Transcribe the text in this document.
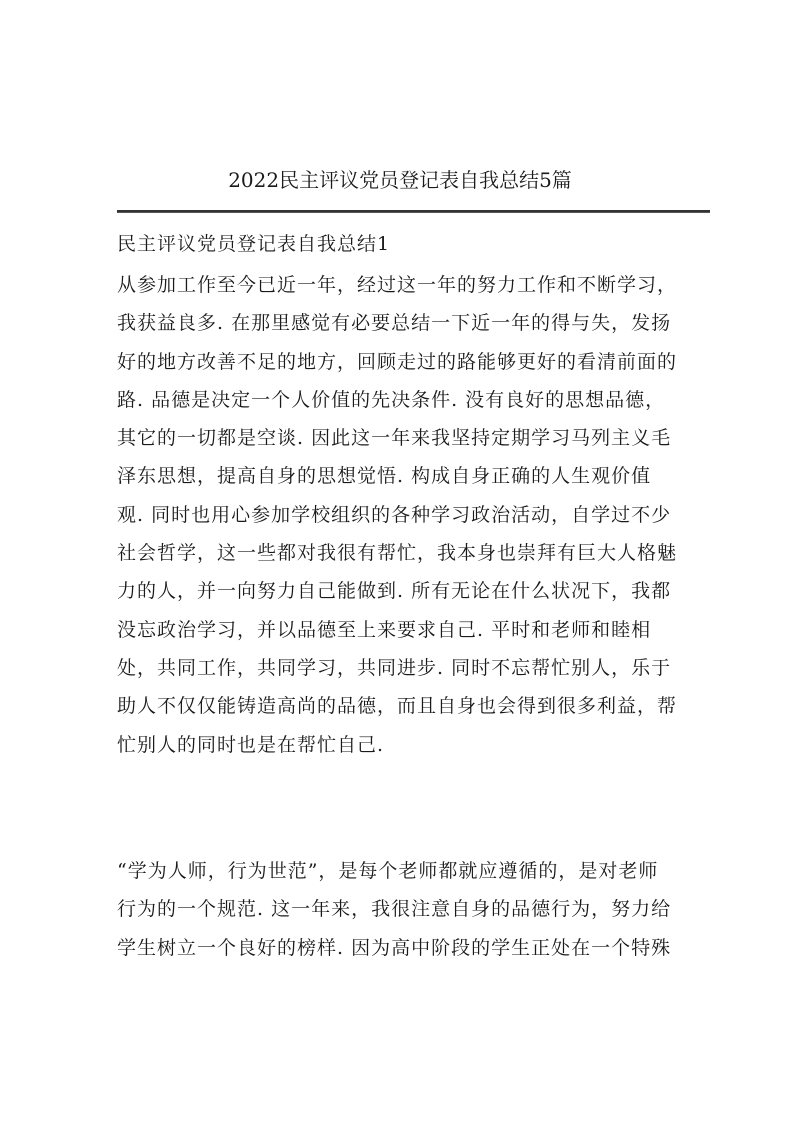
2022民主评议党员登记表自我总结5篇
民主评议党员登记表自我总结1
从参加工作至今已近一年，经过这一年的努力工作和不断学习，
我获益良多. 在那里感觉有必要总结一下近一年的得与失，发扬
好的地方改善不足的地方，回顾走过的路能够更好的看清前面的
路. 品德是决定一个人价值的先决条件. 没有良好的思想品德，
其它的一切都是空谈. 因此这一年来我坚持定期学习马列主义毛
泽东思想，提高自身的思想觉悟. 构成自身正确的人生观价值
观. 同时也用心参加学校组织的各种学习政治活动，自学过不少
社会哲学，这一些都对我很有帮忙，我本身也崇拜有巨大人格魅
力的人，并一向努力自己能做到. 所有无论在什么状况下，我都
没忘政治学习，并以品德至上来要求自己. 平时和老师和睦相
处，共同工作，共同学习，共同进步. 同时不忘帮忙别人，乐于
助人不仅仅能铸造高尚的品德，而且自身也会得到很多利益，帮
忙别人的同时也是在帮忙自己.
“学为人师，行为世范”，是每个老师都就应遵循的，是对老师
行为的一个规范. 这一年来，我很注意自身的品德行为，努力给
学生树立一个良好的榜样. 因为高中阶段的学生正处在一个特殊
